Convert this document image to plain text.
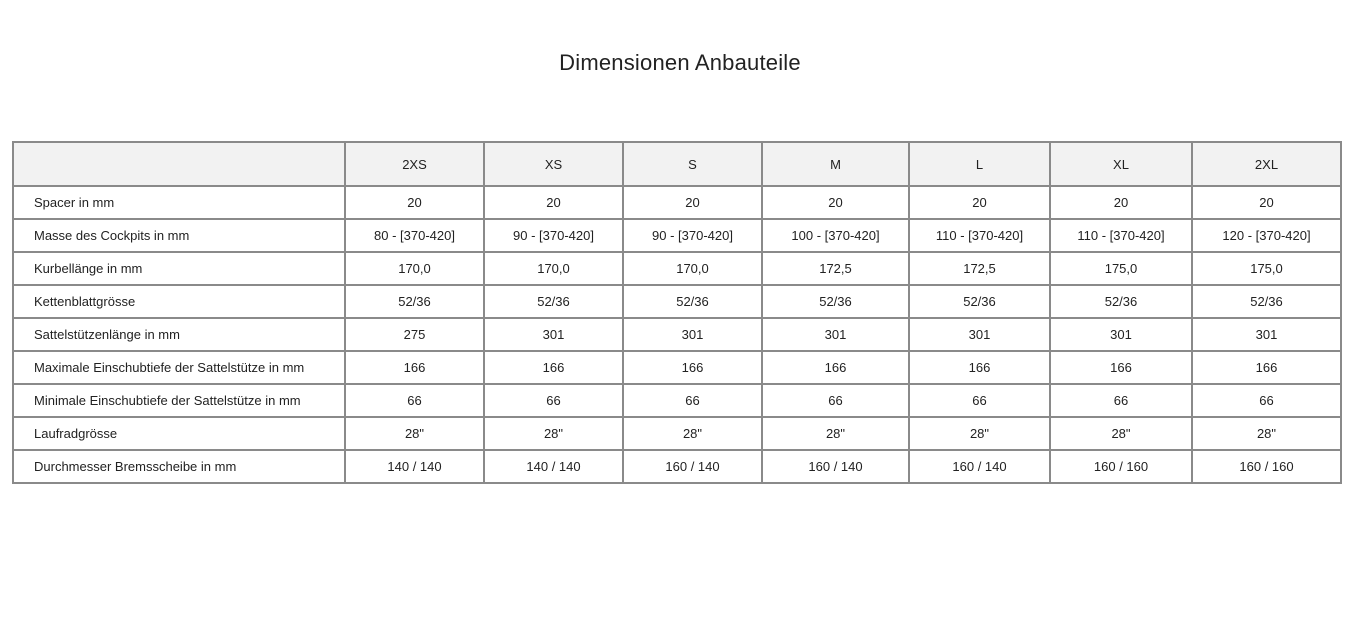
Dimensionen Anbauteile
	2XS	XS	S	M	L	XL	2XL
Spacer in mm	20	20	20	20	20	20	20
Masse des Cockpits in mm	80 - [370-420]	90 - [370-420]	90 - [370-420]	100 - [370-420]	110 - [370-420]	110 - [370-420]	120 - [370-420]
Kurbellänge in mm	170,0	170,0	170,0	172,5	172,5	175,0	175,0
Kettenblattgrösse	52/36	52/36	52/36	52/36	52/36	52/36	52/36
Sattelstützenlänge in mm	275	301	301	301	301	301	301
Maximale Einschubtiefe der Sattelstütze in mm	166	166	166	166	166	166	166
Minimale Einschubtiefe der Sattelstütze in mm	66	66	66	66	66	66	66
Laufradgrösse	28"	28"	28"	28"	28"	28"	28"
Durchmesser Bremsscheibe in mm	140 / 140	140 / 140	160 / 140	160 / 140	160 / 140	160 / 160	160 / 160
